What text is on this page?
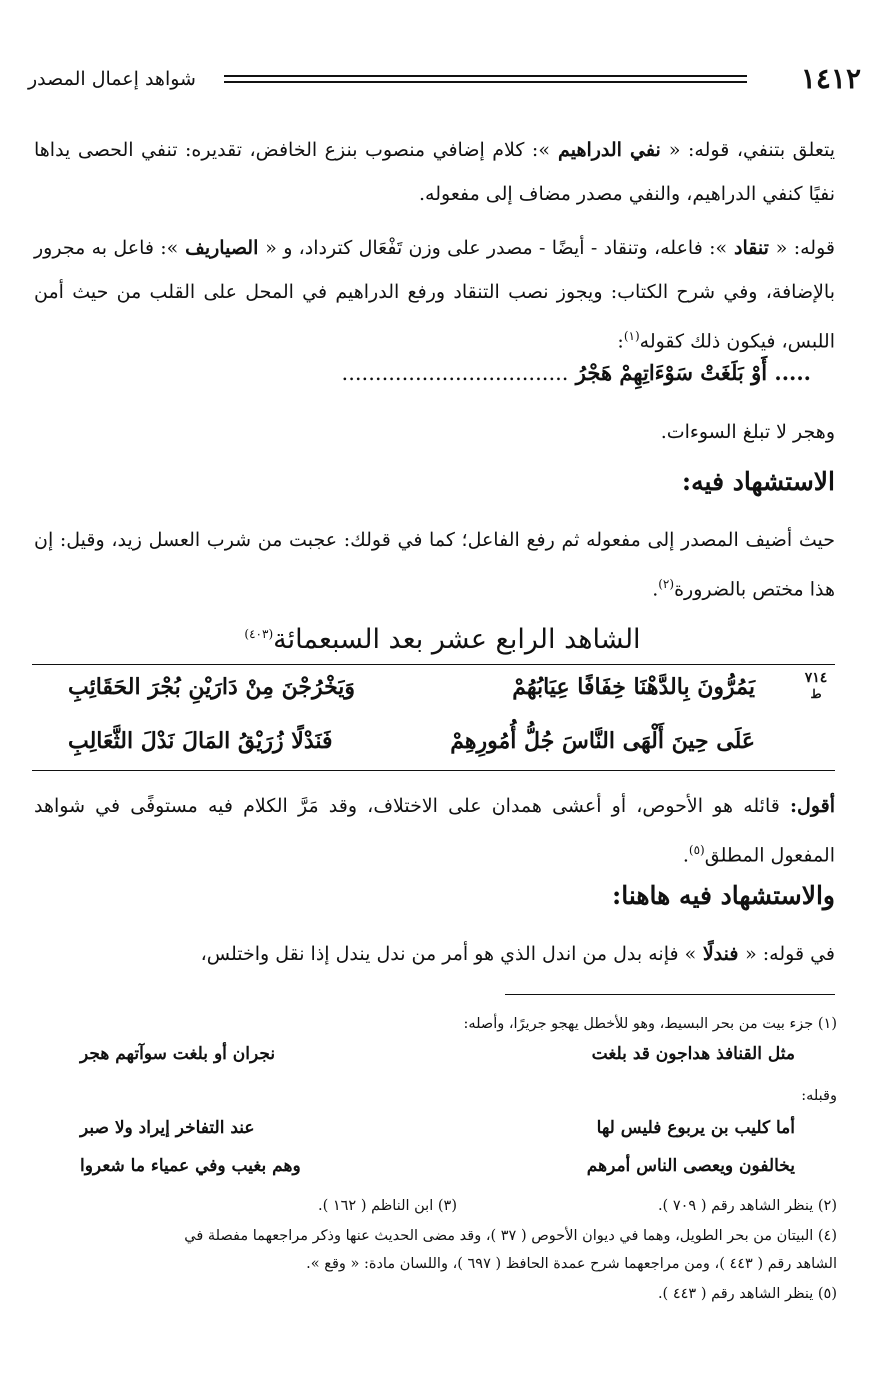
١٤١٢
شواهد إعمال المصدر
يتعلق بتنفي، قوله: « نفي الدراهيم »: كلام إضافي منصوب بنزع الخافض، تقديره: تنفي الحصى يداها نفيًا كنفي الدراهيم، والنفي مصدر مضاف إلى مفعوله.
قوله: « تنقاد »: فاعله، وتنقاد - أيضًا - مصدر على وزن تَفْعَال كترداد، و « الصياريف »: فاعل به مجرور بالإضافة، وفي شرح الكتاب: ويجوز نصب التنقاد ورفع الدراهيم في المحل على القلب من حيث أمن اللبس، فيكون ذلك كقوله$^{(١)}$:
..... أَوْ بَلَغَتْ سَوْءَاتِهِمْ هَجْرُ ..................................
وهجر لا تبلغ السوءات.
الاستشهاد فيه:
حيث أضيف المصدر إلى مفعوله ثم رفع الفاعل؛ كما في قولك: عجبت من شرب العسل زيد، وقيل: إن هذا مختص بالضرورة$^{(٢)}$.
الشاهد الرابع عشر بعد السبعمائة$^{(٤٠٣)}$
٧١٤
ط
يَمُرُّونَ بِالدَّهْنَا خِفَافًا عِيَابُهُمْ
وَيَخْرُجْنَ مِنْ دَارَيْنِ بُجْرَ الحَقَائِبِ
عَلَى حِينَ أَلْهَى النَّاسَ جُلُّ أُمُورِهِمْ
فَنَدْلًا زُرَيْقُ المَالَ نَدْلَ الثَّعَالِبِ
أقول: قائله هو الأحوص، أو أعشى همدان على الاختلاف، وقد مَرَّ الكلام فيه مستوفًى في شواهد المفعول المطلق$^{(٥)}$.
والاستشهاد فيه هاهنا:
في قوله: « فندلًا » فإنه بدل من اندل الذي هو أمر من ندل يندل إذا نقل واختلس،
(١) جزء بيت من بحر البسيط، وهو للأخطل يهجو جريرًا، وأصله:
مثل القنافذ هداجون قد بلغت
نجران أو بلغت سوآتهم هجر
وقبله:
أما كليب بن يربوع فليس لها
عند التفاخر إيراد ولا صبر
يخالفون ويعصى الناس أمرهم
وهم بغيب وفي عمياء ما شعروا
(٢) ينظر الشاهد رقم ( ٧٠٩ ).
(٣) ابن الناظم ( ١٦٢ ).
(٤) البيتان من بحر الطويل، وهما في ديوان الأحوص ( ٣٧ )، وقد مضى الحديث عنها وذكر مراجعهما مفصلة في
الشاهد رقم ( ٤٤٣ )، ومن مراجعهما شرح عمدة الحافظ ( ٦٩٧ )، واللسان مادة: « وقع ».
(٥) ينظر الشاهد رقم ( ٤٤٣ ).
